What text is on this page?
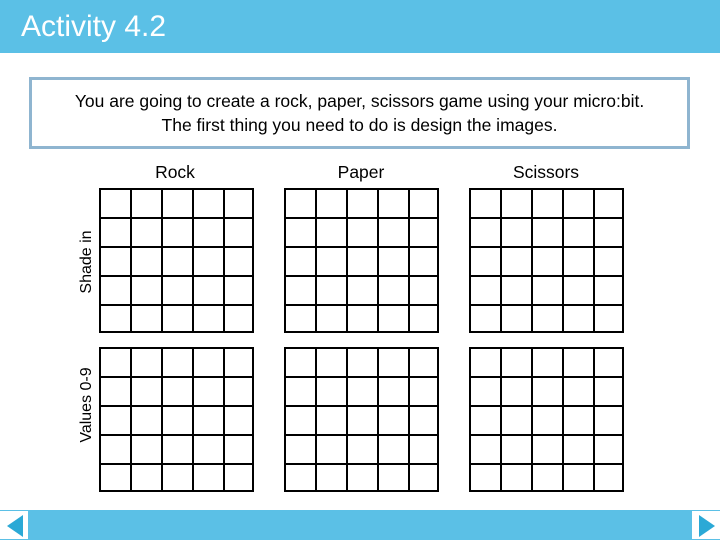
Activity 4.2
You are going to create a rock, paper, scissors game using your micro:bit.
The first thing you need to do is design the images.
Rock	Paper	Scissors
Shade in
Values 0-9
